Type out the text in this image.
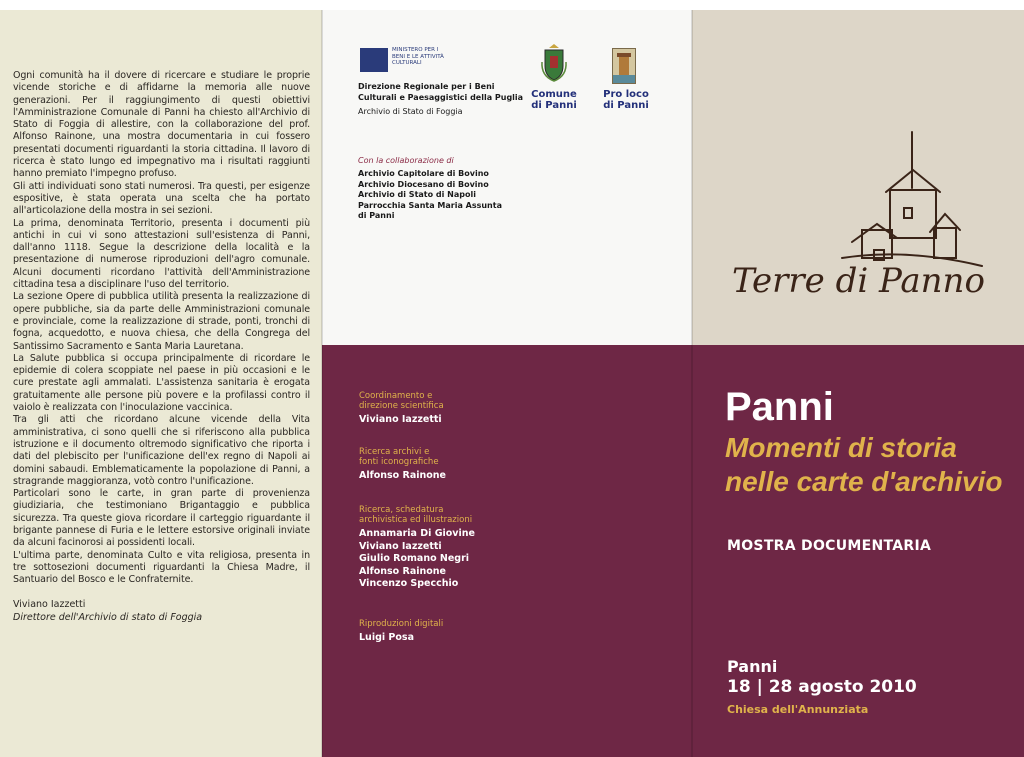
Ogni comunità ha il dovere di ricercare e studiare le proprie vicende storiche e di affidarne la memoria alle nuove generazioni. Per il raggiungimento di questi obiettivi l'Amministrazione Comunale di Panni ha chiesto all'Archivio di Stato di Foggia di allestire, con la collaborazione del prof. Alfonso Rainone, una mostra documentaria in cui fossero presentati documenti riguardanti la storia cittadina. Il lavoro di ricerca è stato lungo ed impegnativo ma i risultati raggiunti hanno premiato l'impegno profuso.

Gli atti individuati sono stati numerosi. Tra questi, per esigenze espositive, è stata operata una scelta che ha portato all'articolazione della mostra in sei sezioni.

La prima, denominata Territorio, presenta i documenti più antichi in cui vi sono attestazioni sull'esistenza di Panni, dall'anno 1118. Segue la descrizione della località e la presentazione di numerose riproduzioni dell'agro comunale. Alcuni documenti ricordano l'attività dell'Amministrazione cittadina tesa a disciplinare l'uso del territorio.

La sezione Opere di pubblica utilità presenta la realizzazione di opere pubbliche, sia da parte delle Amministrazioni comunale e provinciale, come la realizzazione di strade, ponti, tronchi di fogna, acquedotto, e nuova chiesa, che della Congrega del Santissimo Sacramento e Santa Maria Lauretana.

La Salute pubblica si occupa principalmente di ricordare le epidemie di colera scoppiate nel paese in più occasioni e le cure prestate agli ammalati. L'assistenza sanitaria è erogata gratuitamente alle persone più povere e la profilassi contro il vaiolo è realizzata con l'inoculazione vaccinica.

Tra gli atti che ricordano alcune vicende della Vita amministrativa, ci sono quelli che si riferiscono alla pubblica istruzione e il documento oltremodo significativo che riporta i dati del plebiscito per l'unificazione dell'ex regno di Napoli ai domini sabaudi. Emblematicamente la popolazione di Panni, a stragrande maggioranza, votò contro l'unificazione.

Particolari sono le carte, in gran parte di provenienza giudiziaria, che testimoniano Brigantaggio e pubblica sicurezza. Tra queste giova ricordare il carteggio riguardante il brigante pannese di Furia e le lettere estorsive originali inviate da alcuni facinorosi ai possidenti locali.

L'ultima parte, denominata Culto e vita religiosa, presenta in tre sottosezioni documenti riguardanti la Chiesa Madre, il Santuario del Bosco e le Confraternite.

Viviano Iazzetti
Direttore dell'Archivio di stato di Foggia
MINISTERO PER I BENI E LE ATTIVITÀ CULTURALI
Direzione Regionale per i Beni
Culturali e Paesaggistici della Puglia
Archivio di Stato di Foggia
Comune
di Panni
Pro loco
di Panni
Con la collaborazione di
Archivio Capitolare di Bovino
Archivio Diocesano di Bovino
Archivio di Stato di Napoli
Parrocchia Santa Maria Assunta
di Panni
Coordinamento e
direzione scientifica
Viviano Iazzetti
Ricerca archivi e
fonti iconografiche
Alfonso Rainone
Ricerca, schedatura
archivistica ed illustrazioni
Annamaria Di Giovine
Viviano Iazzetti
Giulio Romano Negri
Alfonso Rainone
Vincenzo Specchio
Riproduzioni digitali
Luigi Posa
Terre di Panno
Panni
Momenti di storia
nelle carte d'archivio
MOSTRA DOCUMENTARIA
Panni
18 | 28 agosto 2010
Chiesa dell'Annunziata
